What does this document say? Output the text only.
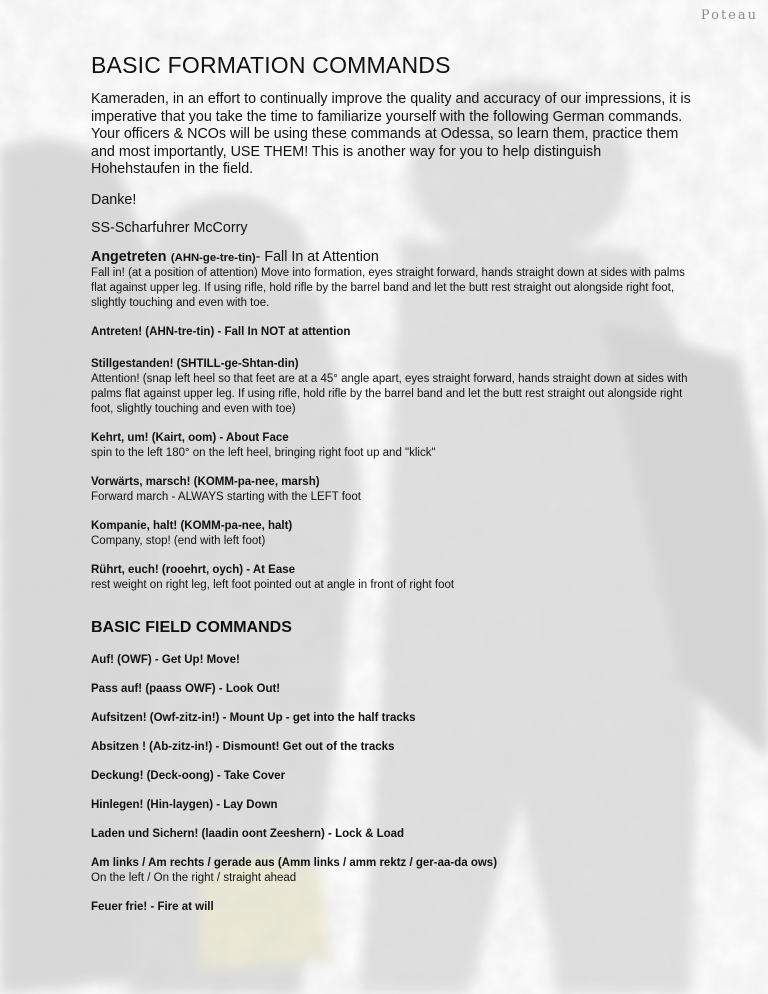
Poteau
BASIC FORMATION COMMANDS

Kameraden, in an effort to continually improve the quality and accuracy of our impressions, it is imperative that you take the time to familiarize yourself with the following German commands. Your officers & NCOs will be using these commands at Odessa, so learn them, practice them and most importantly, USE THEM! This is another way for you to help distinguish Hohehstaufen in the field.

Danke!

SS-Scharfuhrer McCorry

Angetreten (AHN-ge-tre-tin)- Fall In at Attention
Fall in! (at a position of attention) Move into formation, eyes straight forward, hands straight down at sides with palms flat against upper leg. If using rifle, hold rifle by the barrel band and let the butt rest straight out alongside right foot, slightly touching and even with toe.
Antreten! (AHN-tre-tin) - Fall In NOT at attention
Stillgestanden! (SHTILL-ge-Shtan-din)
Attention! (snap left heel so that feet are at a 45° angle apart, eyes straight forward, hands straight down at sides with palms flat against upper leg. If using rifle, hold rifle by the barrel band and let the butt rest straight out alongside right foot, slightly touching and even with toe)
Kehrt, um! (Kairt, oom) - About Face
spin to the left 180° on the left heel, bringing right foot up and "klick"
Vorwärts, marsch! (KOMM-pa-nee, marsh)
Forward march - ALWAYS starting with the LEFT foot
Kompanie, halt! (KOMM-pa-nee, halt)
Company, stop! (end with left foot)
Rührt, euch! (rooehrt, oych) - At Ease
rest weight on right leg, left foot pointed out at angle in front of right foot
BASIC FIELD COMMANDS
Auf! (OWF) - Get Up! Move!
Pass auf! (paass OWF) - Look Out!
Aufsitzen! (Owf-zitz-in!) - Mount Up - get into the half tracks
Absitzen ! (Ab-zitz-in!) - Dismount! Get out of the tracks
Deckung! (Deck-oong) - Take Cover
Hinlegen! (Hin-laygen) - Lay Down
Laden und Sichern! (laadin oont Zeeshern) - Lock & Load
Am links / Am rechts / gerade aus (Amm links / amm rektz / ger-aa-da ows)
On the left / On the right / straight ahead
Feuer frie! - Fire at will
